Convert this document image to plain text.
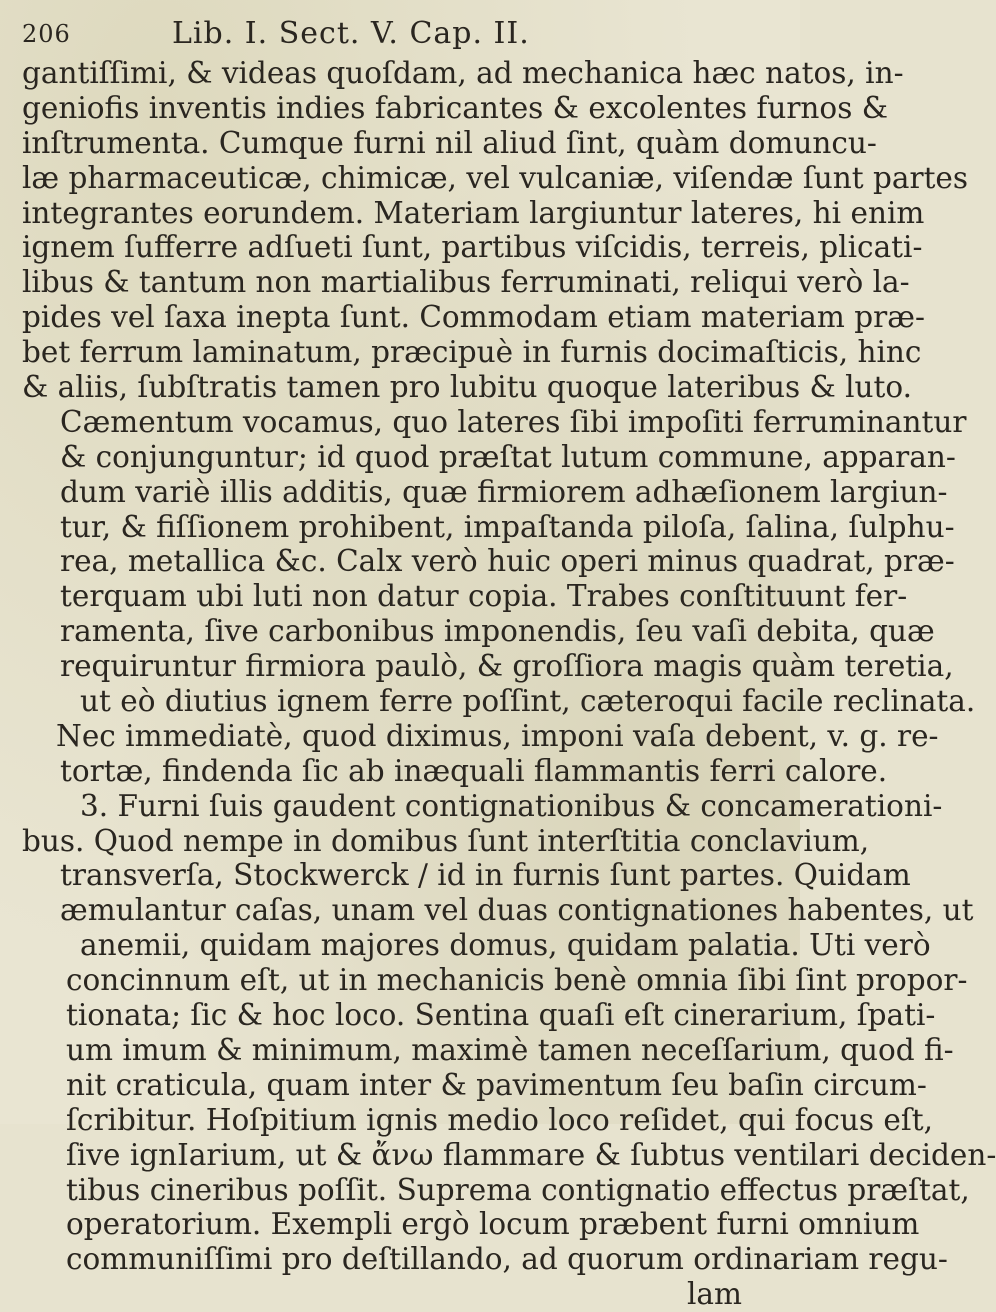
206	Lib. I. Sect. V. Cap. II.
gantiſſimi, & videas quoſdam, ad mechanica hæc natos, in-
geniofis inventis indies fabricantes & excolentes furnos &
inſtrumenta. Cumque furni nil aliud ſint, quàm domuncu-
læ pharmaceuticæ, chimicæ, vel vulcaniæ, viſendæ ſunt partes
integrantes eorundem. Materiam largiuntur lateres, hi enim
ignem ſufferre adſueti ſunt, partibus viſcidis, terreis, plicati-
libus & tantum non martialibus ferruminati, reliqui verò la-
pides vel ſaxa inepta ſunt. Commodam etiam materiam præ-
bet ferrum laminatum, præcipuè in furnis docimaſticis, hinc
& aliis, ſubſtratis tamen pro lubitu quoque lateribus & luto.
Cæmentum vocamus, quo lateres ſibi impoſiti ferruminantur
& conjunguntur; id quod præſtat lutum commune, apparan-
dum variè illis additis, quæ firmiorem adhæſionem largiun-
tur, & fiſſionem prohibent, impaſtanda piloſa, ſalina, ſulphu-
rea, metallica &c. Calx verò huic operi minus quadrat, præ-
terquam ubi luti non datur copia. Trabes conſtituunt fer-
ramenta, ſive carbonibus imponendis, ſeu vaſi debita, quæ
requiruntur firmiora paulò, & groſſiora magis quàm teretia,
ut eò diutius ignem ferre poſſint, cæteroqui facile reclinata.
Nec immediatè, quod diximus, imponi vaſa debent, v. g. re-
tortæ, findenda ſic ab inæquali flammantis ferri calore.
3. Furni ſuis gaudent contignationibus & concamerationi-
bus. Quod nempe in domibus ſunt interſtitia conclavium,
transverſa, Stockwerck / id in furnis ſunt partes. Quidam
æmulantur caſas, unam vel duas contignationes habentes, ut
anemii, quidam majores domus, quidam palatia. Uti verò
concinnum eſt, ut in mechanicis benè omnia ſibi ſint propor-
tionata; ſic & hoc loco. Sentina quaſi eſt cinerarium, ſpati-
um imum & minimum, maximè tamen neceſſarium, quod fi-
nit craticula, quam inter & pavimentum ſeu baſin circum-
ſcribitur. Hoſpitium ignis medio loco reſidet, qui focus eſt,
ſive ignIarium, ut & ἄνω flammare & ſubtus ventilari deciden-
tibus cineribus poſſit. Suprema contignatio effectus præſtat,
operatorium. Exempli ergò locum præbent furni omnium
communiſſimi pro deſtillando, ad quorum ordinariam regu-
lam
